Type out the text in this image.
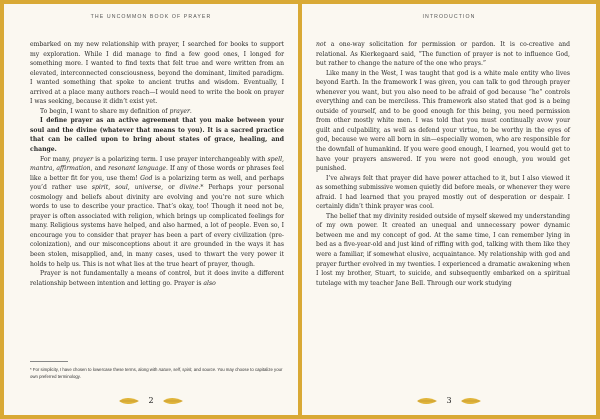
THE UNCOMMON BOOK OF PRAYER

embarked on my new relationship with prayer, I searched for books to support my exploration. While I did manage to find a few good ones, I longed for something more. I wanted to find texts that felt true and were written from an elevated, interconnected consciousness, beyond the dominant, limited paradigm. I wanted something that spoke to ancient truths and wisdom. Eventually, I arrived at a place many authors reach—I would need to write the book on prayer I was seeking, because it didn’t exist yet.

To begin, I want to share my definition of prayer.

I define prayer as an active agreement that you make between your soul and the divine (whatever that means to you). It is a sacred practice that can be called upon to bring about states of grace, healing, and change.

For many, prayer is a polarizing term. I use prayer interchangeably with spell, mantra, affirmation, and resonant language. If any of those words or phrases feel like a better fit for you, use them! God is a polarizing term as well, and perhaps you’d rather use spirit, soul, universe, or divine.* Perhaps your personal cosmology and beliefs about divinity are evolving and you’re not sure which words to use to describe your practice. That’s okay, too! Though it need not be, prayer is often associated with religion, which brings up complicated feelings for many. Religious systems have helped, and also harmed, a lot of people. Even so, I encourage you to consider that prayer has been a part of every civilization (pre-colonization), and our misconceptions about it are grounded in the ways it has been stolen, misapplied, and, in many cases, used to thwart the very power it holds to help us. This is not what lies at the true heart of prayer, though.

Prayer is not fundamentally a means of control, but it does invite a different relationship between intention and letting go. Prayer is also

* For simplicity, I have chosen to lowercase these terms, along with nature, self, spirit, and source. You may choose to capitalize your own preferred terminology.
2
INTRODUCTION

not a one-way solicitation for permission or pardon. It is co-creative and relational. As Kierkegaard said, “The function of prayer is not to influence God, but rather to change the nature of the one who prays.”

Like many in the West, I was taught that god is a white male entity who lives beyond Earth. In the framework I was given, you can talk to god through prayer whenever you want, but you also need to be afraid of god because “he” controls everything and can be merciless. This framework also stated that god is a being outside of yourself, and to be good enough for this being, you need permission from other mostly white men. I was told that you must continually avow your guilt and culpability, as well as defend your virtue, to be worthy in the eyes of god, because we were all born in sin—especially women, who are responsible for the downfall of humankind. If you were good enough, I learned, you would get to have your prayers answered. If you were not good enough, you would get punished.

I’ve always felt that prayer did have power attached to it, but I also viewed it as something submissive women quietly did before meals, or whenever they were afraid. I had learned that you prayed mostly out of desperation or despair. I certainly didn’t think prayer was cool.

The belief that my divinity resided outside of myself skewed my understanding of my own power. It created an unequal and unnecessary power dynamic between me and my concept of god. At the same time, I can remember lying in bed as a five-year-old and just kind of riffing with god, talking with them like they were a familiar, if somewhat elusive, acquaintance. My relationship with god and prayer further evolved in my twenties. I experienced a dramatic awakening when I lost my brother, Stuart, to suicide, and subsequently embarked on a spiritual tutelage with my teacher Jane Bell. Through our work studying

3
